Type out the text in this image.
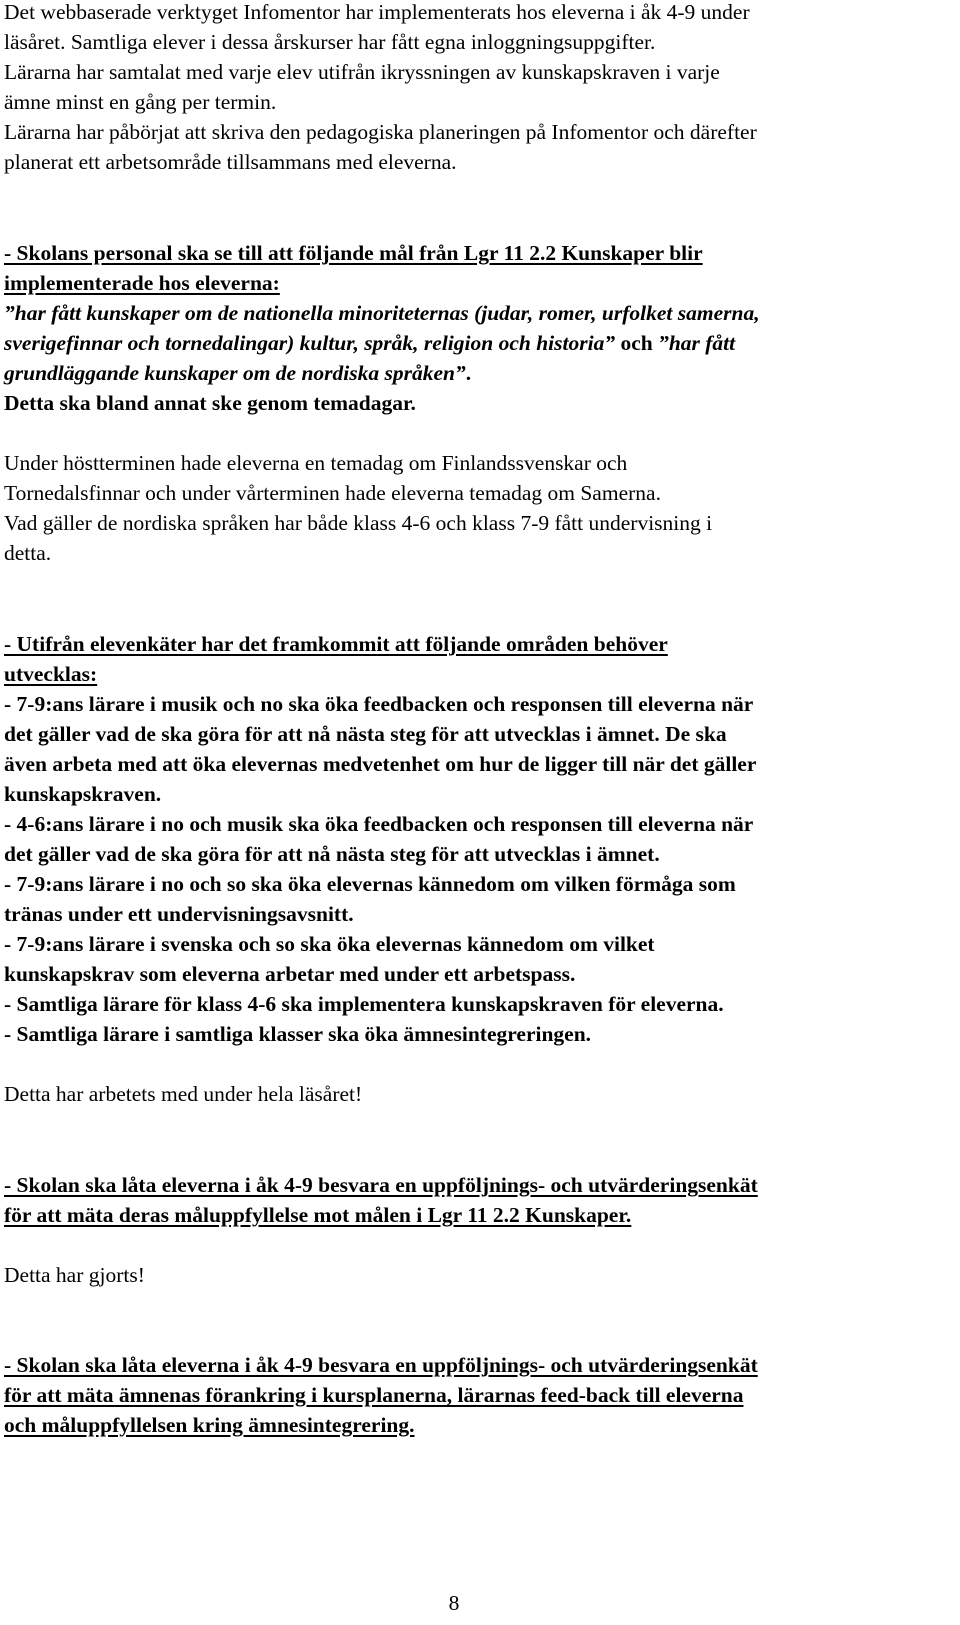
Det webbaserade verktyget Infomentor har implementerats hos eleverna i åk 4-9 under
läsåret. Samtliga elever i dessa årskurser har fått egna inloggningsuppgifter.
Lärarna har samtalat med varje elev utifrån ikryssningen av kunskapskraven i varje
ämne minst en gång per termin.
Lärarna har påbörjat att skriva den pedagogiska planeringen på Infomentor och därefter
planerat ett arbetsområde tillsammans med eleverna.
- Skolans personal ska se till att följande mål från Lgr 11 2.2 Kunskaper blir
implementerade hos eleverna:
”har fått kunskaper om de nationella minoriteternas (judar, romer, urfolket samerna,
sverigefinnar och tornedalingar) kultur, språk, religion och historia” och ”har fått
grundläggande kunskaper om de nordiska språken”.
Detta ska bland annat ske genom temadagar.
Under höstterminen hade eleverna en temadag om Finlandssvenskar och
Tornedalsfinnar och under vårterminen hade eleverna temadag om Samerna.
Vad gäller de nordiska språken har både klass 4-6 och klass 7-9 fått undervisning i
detta.
- Utifrån elevenkäter har det framkommit att följande områden behöver
utvecklas:
- 7-9:ans lärare i musik och no ska öka feedbacken och responsen till eleverna när
det gäller vad de ska göra för att nå nästa steg för att utvecklas i ämnet. De ska
även arbeta med att öka elevernas medvetenhet om hur de ligger till när det gäller
kunskapskraven.
- 4-6:ans lärare i no och musik ska öka feedbacken och responsen till eleverna när
det gäller vad de ska göra för att nå nästa steg för att utvecklas i ämnet.
- 7-9:ans lärare i no och so ska öka elevernas kännedom om vilken förmåga som
tränas under ett undervisningsavsnitt.
- 7-9:ans lärare i svenska och so ska öka elevernas kännedom om vilket
kunskapskrav som eleverna arbetar med under ett arbetspass.
- Samtliga lärare för klass 4-6 ska implementera kunskapskraven för eleverna.
- Samtliga lärare i samtliga klasser ska öka ämnesintegreringen.
Detta har arbetets med under hela läsåret!
- Skolan ska låta eleverna i åk 4-9 besvara en uppföljnings- och utvärderingsenkät
för att mäta deras måluppfyllelse mot målen i Lgr 11 2.2 Kunskaper.
Detta har gjorts!
- Skolan ska låta eleverna i åk 4-9 besvara en uppföljnings- och utvärderingsenkät
för att mäta ämnenas förankring i kursplanerna, lärarnas feed-back till eleverna
och måluppfyllelsen kring ämnesintegrering.
8
